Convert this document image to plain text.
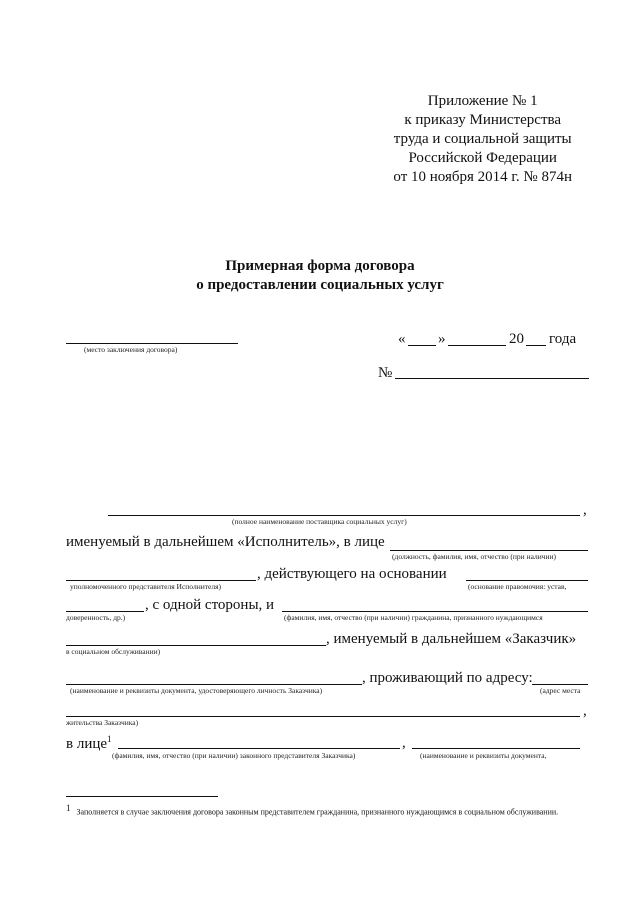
Приложение № 1
к приказу Министерства
труда и социальной защиты
Российской Федерации
от 10 ноября 2014 г. № 874н
Примерная форма договора
о предоставлении социальных услуг
(место заключения договора)
« »	20 года
№
,
(полное наименование поставщика социальных услуг)
именуемый в дальнейшем «Исполнитель», в лице
(должность, фамилия, имя, отчество (при наличии)
уполномоченного представителя Исполнителя)
, действующего на основании
(основание правомочия: устав,
доверенность, др.)
, с одной стороны, и
(фамилия, имя, отчество (при наличии) гражданина, признанного нуждающимся
, именуемый в дальнейшем «Заказчик»
в социальном обслуживании)
, проживающий по адресу:
(наименование и реквизиты документа, удостоверяющего личность Заказчика)	(адрес места
,
жительства Заказчика)
в лице$^1$	,
(фамилия, имя, отчество (при наличии) законного представителя Заказчика)	(наименование и реквизиты документа,
$^1$ Заполняется в случае заключения договора законным представителем гражданина, признанного нуждающимся в социальном обслуживании.
